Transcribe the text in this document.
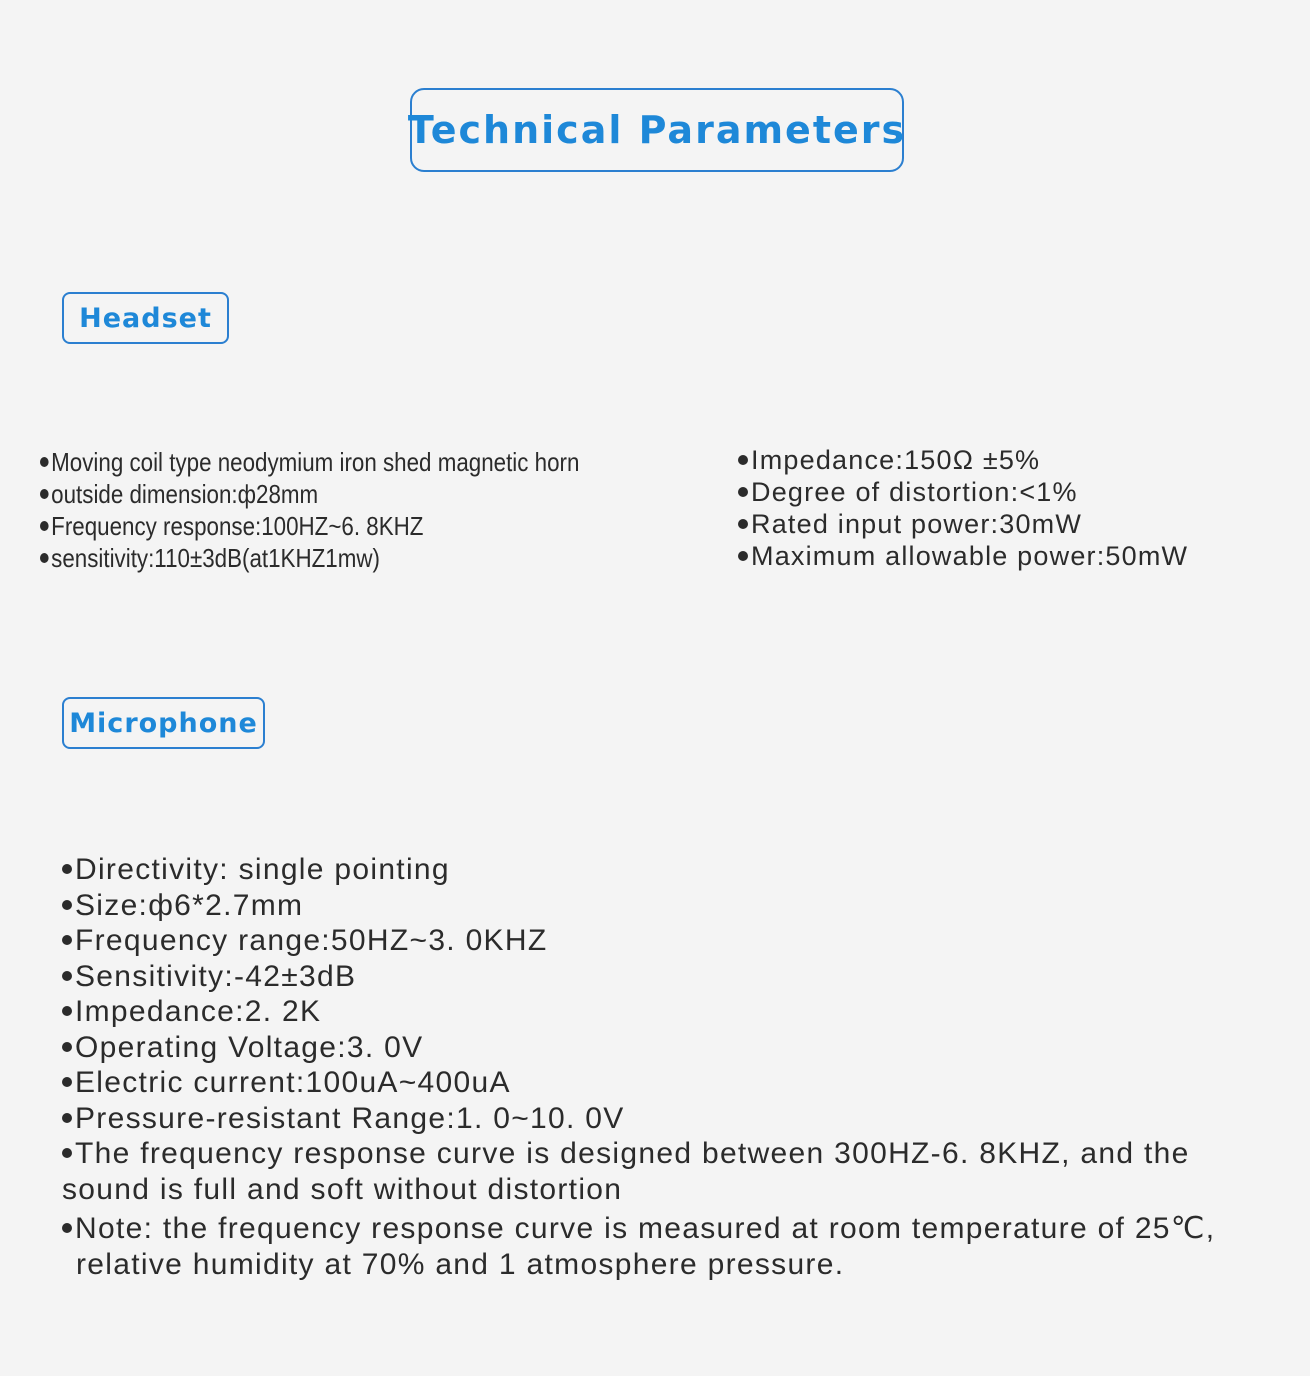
Technical Parameters
Headset
Moving coil type neodymium iron shed magnetic horn
outside dimension:ф28mm
Frequency response:100HZ~6. 8KHZ
sensitivity:110±3dB(at1KHZ1mw)
Impedance:150Ω ±5%
Degree of distortion:<1%
Rated input power:30mW
Maximum allowable power:50mW
Microphone
Directivity: single pointing
Size:ф6*2.7mm
Frequency range:50HZ~3. 0KHZ
Sensitivity:-42±3dB
Impedance:2. 2K
Operating Voltage:3. 0V
Electric current:100uA~400uA
Pressure-resistant Range:1. 0~10. 0V
The frequency response curve is designed between 300HZ-6. 8KHZ, and the sound is full and soft without distortion
Note: the frequency response curve is measured at room temperature of 25℃,
relative humidity at 70% and 1 atmosphere pressure.
